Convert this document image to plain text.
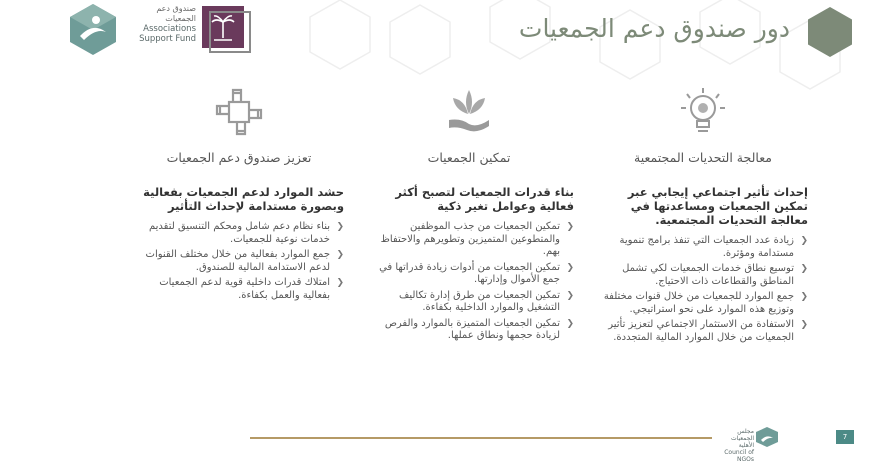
دور صندوق دعم الجمعيات
صندوق دعم الجمعيات
Associations
Support Fund
معالجة التحديات المجتمعية
إحداث تأثير اجتماعي إيجابي عبر تمكين الجمعيات ومساعدتها في معالجة التحديات المجتمعية.
❮
زيادة عدد الجمعيات التي تنفذ برامج تنموية مستدامة ومؤثرة.
❮
توسيع نطاق خدمات الجمعيات لكي تشمل المناطق والقطاعات ذات الاحتياج.
❮
جمع الموارد للجمعيات من خلال قنوات مختلفة وتوزيع هذه الموارد على نحو استراتيجي.
❮
الاستفادة من الاستثمار الاجتماعي لتعزيز تأثير الجمعيات من خلال الموارد المالية المتجددة.
تمكين الجمعيات
بناء قدرات الجمعيات لتصبح أكثر فعالية وعوامل تغير ذكية
❮
تمكين الجمعيات من جذب الموظفين والمتطوعين المتميزين وتطويرهم والاحتفاظ بهم.
❮
تمكين الجمعيات من أدوات زيادة قدراتها في جمع الأموال وإدارتها.
❮
تمكين الجمعيات من طرق إدارة تكاليف التشغيل والموارد الداخلية بكفاءة.
❮
تمكين الجمعيات المتميزة بالموارد والفرص لزيادة حجمها ونطاق عملها.
تعزيز صندوق دعم الجمعيات
حشد الموارد لدعم الجمعيات بفعالية وبصورة مستدامة لإحداث التأثير
❮
بناء نظام دعم شامل ومحكم التنسيق لتقديم خدمات نوعية للجمعيات.
❮
جمع الموارد بفعالية من خلال مختلف القنوات لدعم الاستدامة المالية للصندوق.
❮
امتلاك قدرات داخلية قوية لدعم الجمعيات بفعالية والعمل بكفاءة.
مجلس الجمعيات الأهلية
Council of NGOs
7
